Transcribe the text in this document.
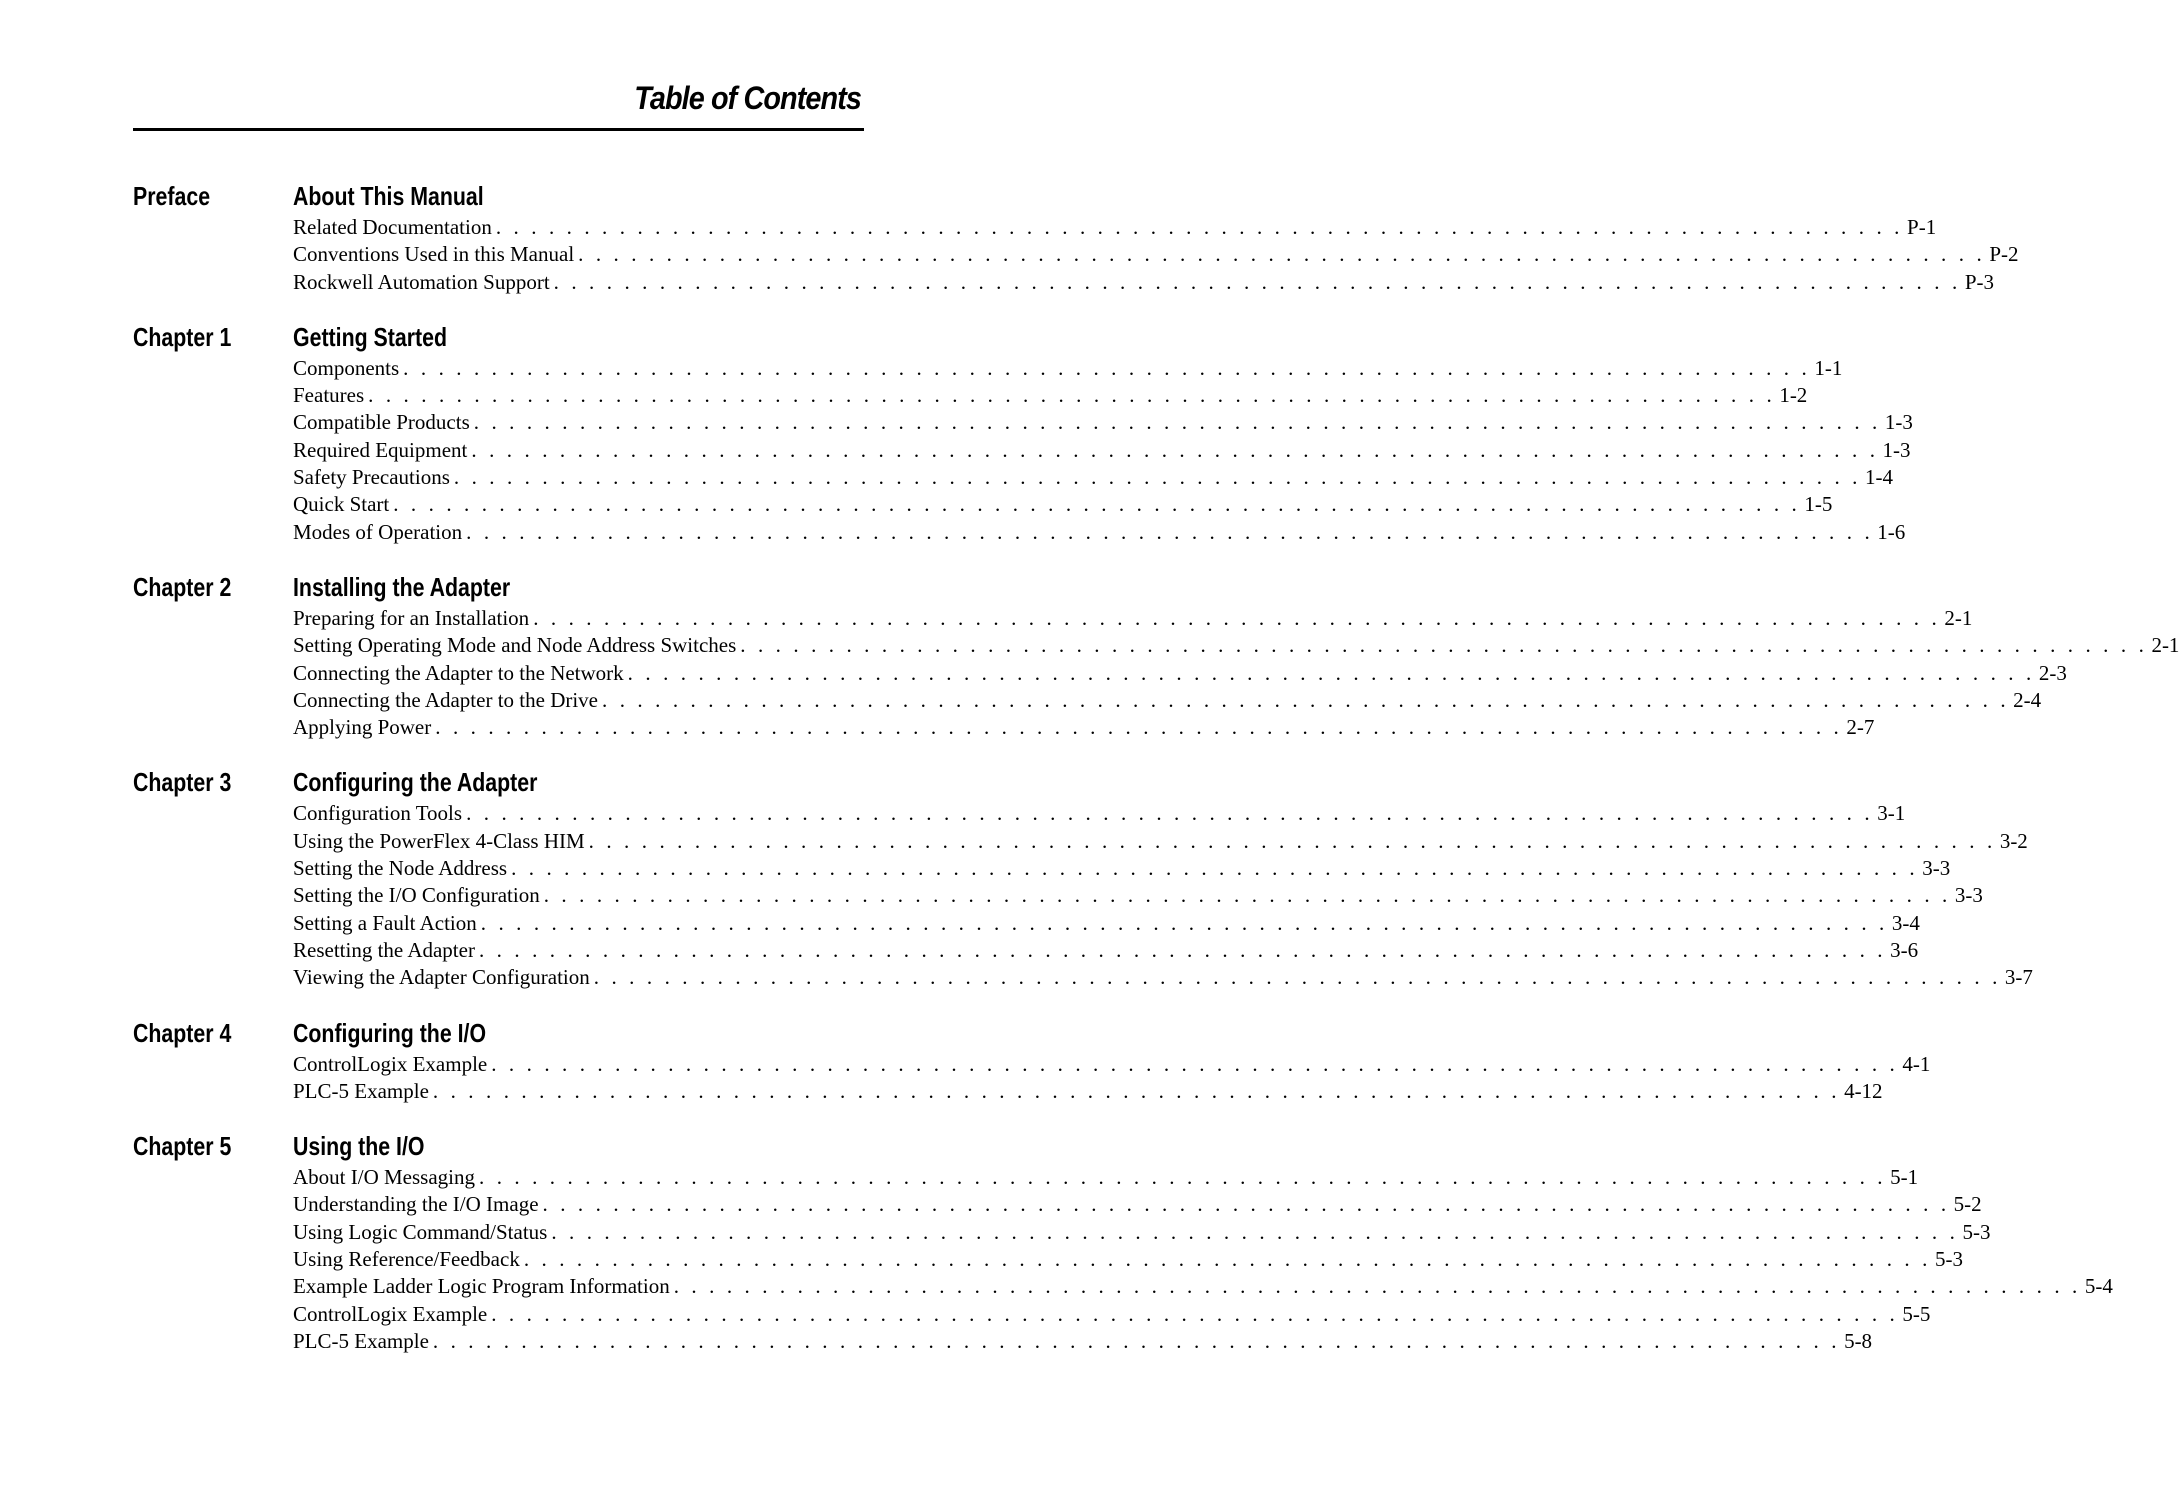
Table of Contents
Preface	About This Manual
Related Documentation . . . . . . . . . . . . . . . . . . . . . . . . . . . . . . . . . . . . . . . . . . . . . . . . . . . . . . . . . . . . . . . . . . . . . . . . . . . . . . . . P-1
Conventions Used in this Manual . . . . . . . . . . . . . . . . . . . . . . . . . . . . . . . . . . . . . . . . . . . . . . . . . . . . . . . . . . . . . . . . . . . . . . . . . . . . . . . . P-2
Rockwell Automation Support . . . . . . . . . . . . . . . . . . . . . . . . . . . . . . . . . . . . . . . . . . . . . . . . . . . . . . . . . . . . . . . . . . . . . . . . . . . . . . . . P-3
Chapter 1 Getting Started
Components . . . . . . . . . . . . . . . . . . . . . . . . . . . . . . . . . . . . . . . . . . . . . . . . . . . . . . . . . . . . . . . . . . . . . . . . . . . . . . . . 1-1
Features . . . . . . . . . . . . . . . . . . . . . . . . . . . . . . . . . . . . . . . . . . . . . . . . . . . . . . . . . . . . . . . . . . . . . . . . . . . . . . . . 1-2
Compatible Products . . . . . . . . . . . . . . . . . . . . . . . . . . . . . . . . . . . . . . . . . . . . . . . . . . . . . . . . . . . . . . . . . . . . . . . . . . . . . . . . 1-3
Required Equipment . . . . . . . . . . . . . . . . . . . . . . . . . . . . . . . . . . . . . . . . . . . . . . . . . . . . . . . . . . . . . . . . . . . . . . . . . . . . . . . . 1-3
Safety Precautions . . . . . . . . . . . . . . . . . . . . . . . . . . . . . . . . . . . . . . . . . . . . . . . . . . . . . . . . . . . . . . . . . . . . . . . . . . . . . . . . 1-4
Quick Start . . . . . . . . . . . . . . . . . . . . . . . . . . . . . . . . . . . . . . . . . . . . . . . . . . . . . . . . . . . . . . . . . . . . . . . . . . . . . . . . 1-5
Modes of Operation . . . . . . . . . . . . . . . . . . . . . . . . . . . . . . . . . . . . . . . . . . . . . . . . . . . . . . . . . . . . . . . . . . . . . . . . . . . . . . . . 1-6
Chapter 2 Installing the Adapter
Preparing for an Installation . . . . . . . . . . . . . . . . . . . . . . . . . . . . . . . . . . . . . . . . . . . . . . . . . . . . . . . . . . . . . . . . . . . . . . . . . . . . . . . . 2-1
Setting Operating Mode and Node Address Switches . . . . . . . . . . . . . . . . . . . . . . . . . . . . . . . . . . . . . . . . . . . . . . . . . . . . . . . . . . . . . . . . . . . . . . . . . . . . . . . . 2-1
Connecting the Adapter to the Network . . . . . . . . . . . . . . . . . . . . . . . . . . . . . . . . . . . . . . . . . . . . . . . . . . . . . . . . . . . . . . . . . . . . . . . . . . . . . . . . 2-3
Connecting the Adapter to the Drive . . . . . . . . . . . . . . . . . . . . . . . . . . . . . . . . . . . . . . . . . . . . . . . . . . . . . . . . . . . . . . . . . . . . . . . . . . . . . . . . 2-4
Applying Power . . . . . . . . . . . . . . . . . . . . . . . . . . . . . . . . . . . . . . . . . . . . . . . . . . . . . . . . . . . . . . . . . . . . . . . . . . . . . . . . 2-7
Chapter 3 Configuring the Adapter
Configuration Tools . . . . . . . . . . . . . . . . . . . . . . . . . . . . . . . . . . . . . . . . . . . . . . . . . . . . . . . . . . . . . . . . . . . . . . . . . . . . . . . . 3-1
Using the PowerFlex 4-Class HIM . . . . . . . . . . . . . . . . . . . . . . . . . . . . . . . . . . . . . . . . . . . . . . . . . . . . . . . . . . . . . . . . . . . . . . . . . . . . . . . . 3-2
Setting the Node Address . . . . . . . . . . . . . . . . . . . . . . . . . . . . . . . . . . . . . . . . . . . . . . . . . . . . . . . . . . . . . . . . . . . . . . . . . . . . . . . . 3-3
Setting the I/O Configuration . . . . . . . . . . . . . . . . . . . . . . . . . . . . . . . . . . . . . . . . . . . . . . . . . . . . . . . . . . . . . . . . . . . . . . . . . . . . . . . . 3-3
Setting a Fault Action . . . . . . . . . . . . . . . . . . . . . . . . . . . . . . . . . . . . . . . . . . . . . . . . . . . . . . . . . . . . . . . . . . . . . . . . . . . . . . . . 3-4
Resetting the Adapter . . . . . . . . . . . . . . . . . . . . . . . . . . . . . . . . . . . . . . . . . . . . . . . . . . . . . . . . . . . . . . . . . . . . . . . . . . . . . . . . 3-6
Viewing the Adapter Configuration . . . . . . . . . . . . . . . . . . . . . . . . . . . . . . . . . . . . . . . . . . . . . . . . . . . . . . . . . . . . . . . . . . . . . . . . . . . . . . . . 3-7
Chapter 4 Configuring the I/O
ControlLogix Example . . . . . . . . . . . . . . . . . . . . . . . . . . . . . . . . . . . . . . . . . . . . . . . . . . . . . . . . . . . . . . . . . . . . . . . . . . . . . . . . 4-1
PLC-5 Example . . . . . . . . . . . . . . . . . . . . . . . . . . . . . . . . . . . . . . . . . . . . . . . . . . . . . . . . . . . . . . . . . . . . . . . . . . . . . . . . 4-12
Chapter 5 Using the I/O
About I/O Messaging . . . . . . . . . . . . . . . . . . . . . . . . . . . . . . . . . . . . . . . . . . . . . . . . . . . . . . . . . . . . . . . . . . . . . . . . . . . . . . . . 5-1
Understanding the I/O Image . . . . . . . . . . . . . . . . . . . . . . . . . . . . . . . . . . . . . . . . . . . . . . . . . . . . . . . . . . . . . . . . . . . . . . . . . . . . . . . . 5-2
Using Logic Command/Status . . . . . . . . . . . . . . . . . . . . . . . . . . . . . . . . . . . . . . . . . . . . . . . . . . . . . . . . . . . . . . . . . . . . . . . . . . . . . . . . 5-3
Using Reference/Feedback . . . . . . . . . . . . . . . . . . . . . . . . . . . . . . . . . . . . . . . . . . . . . . . . . . . . . . . . . . . . . . . . . . . . . . . . . . . . . . . . 5-3
Example Ladder Logic Program Information . . . . . . . . . . . . . . . . . . . . . . . . . . . . . . . . . . . . . . . . . . . . . . . . . . . . . . . . . . . . . . . . . . . . . . . . . . . . . . . . 5-4
ControlLogix Example . . . . . . . . . . . . . . . . . . . . . . . . . . . . . . . . . . . . . . . . . . . . . . . . . . . . . . . . . . . . . . . . . . . . . . . . . . . . . . . . 5-5
PLC-5 Example . . . . . . . . . . . . . . . . . . . . . . . . . . . . . . . . . . . . . . . . . . . . . . . . . . . . . . . . . . . . . . . . . . . . . . . . . . . . . . . . 5-8
